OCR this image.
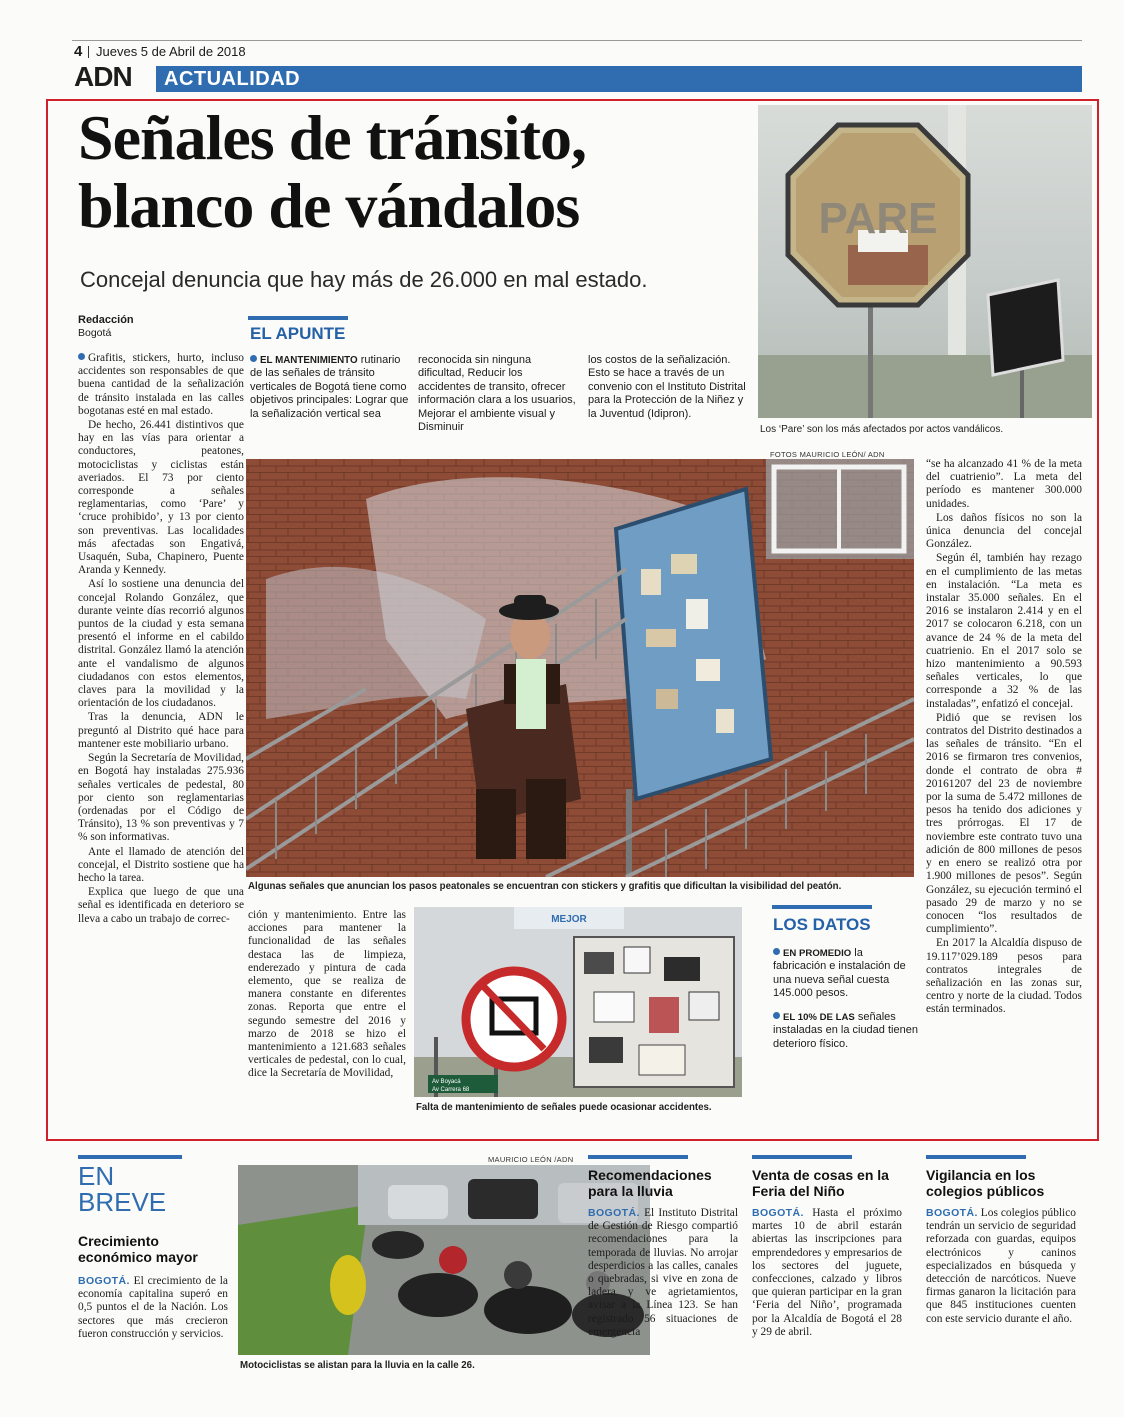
4 Jueves 5 de Abril de 2018
ADN ACTUALIDAD
Señales de tránsito,
blanco de vándalos
Concejal denuncia que hay más de 26.000 en mal estado.
PARE
Los ‘Pare’ son los más afectados por actos vandálicos.
Redacción
Bogotá

Grafitis, stickers, hurto, incluso accidentes son responsables de que buena cantidad de la señalización de tránsito instalada en las calles bogotanas esté en mal estado.

De hecho, 26.441 distintivos que hay en las vías para orientar a conductores, peatones, motociclistas y ciclistas están averiados. El 73 por ciento corresponde a señales reglamentarias, como ‘Pare’ y ‘cruce prohibido’, y 13 por ciento son preventivas. Las localidades más afectadas son Engativá, Usaquén, Suba, Chapinero, Puente Aranda y Kennedy.

Así lo sostiene una denuncia del concejal Rolando González, que durante veinte días recorrió algunos puntos de la ciudad y esta semana presentó el informe en el cabildo distrital. González llamó la atención ante el vandalismo de algunos ciudadanos con estos elementos, claves para la movilidad y la orientación de los ciudadanos.

Tras la denuncia, ADN le preguntó al Distrito qué hace para mantener este mobiliario urbano.

Según la Secretaría de Movilidad, en Bogotá hay instaladas 275.936 señales verticales de pedestal, 80 por ciento son reglamentarias (ordenadas por el Código de Tránsito), 13 % son preventivas y 7 % son informativas.

Ante el llamado de atención del concejal, el Distrito sostiene que ha hecho la tarea.

Explica que luego de que una señal es identificada en deterioro se lleva a cabo un trabajo de correc-

EL APUNTE
EL MANTENIMIENTO rutinario de las señales de tránsito verticales de Bogotá tiene como objetivos principales: Lograr que la señalización vertical sea
reconocida sin ninguna dificultad, Reducir los accidentes de transito, ofrecer información clara a los usuarios, Mejorar el ambiente visual y Disminuir
los costos de la señalización. Esto se hace a través de un convenio con el Instituto Distrital para la Protección de la Niñez y la Juventud (Idipron).
FOTOS MAURICIO LEÓN/ ADN
Algunas señales que anuncian los pasos peatonales se encuentran con stickers y grafitis que dificultan la visibilidad del peatón.

ción y mantenimiento. Entre las acciones para mantener la funcionalidad de las señales destaca las de limpieza, enderezado y pintura de cada elemento, que se realiza de manera constante en diferentes zonas. Reporta que entre el segundo semestre del 2016 y marzo de 2018 se hizo el mantenimiento a 121.683 señales verticales de pedestal, con lo cual, dice la Secretaría de Movilidad,

MEJOR
Av Boyacá
Av Carrera 68
Falta de mantenimiento de señales puede ocasionar accidentes.
LOS DATOS
EN PROMEDIO la fabricación e instalación de una nueva señal cuesta 145.000 pesos.
EL 10% DE LAS señales instaladas en la ciudad tienen deterioro físico.

“se ha alcanzado 41 % de la meta del cuatrienio”. La meta del período es mantener 300.000 unidades.

Los daños físicos no son la única denuncia del concejal González.

Según él, también hay rezago en el cumplimiento de las metas en instalación. “La meta es instalar 35.000 señales. En el 2016 se instalaron 2.414 y en el 2017 se colocaron 6.218, con un avance de 24 % de la meta del cuatrienio. En el 2017 solo se hizo mantenimiento a 90.593 señales verticales, lo que corresponde a 32 % de las instaladas”, enfatizó el concejal.

Pidió que se revisen los contratos del Distrito destinados a las señales de tránsito. “En el 2016 se firmaron tres convenios, donde el contrato de obra # 20161207 del 23 de noviembre por la suma de 5.472 millones de pesos ha tenido dos adiciones y tres prórrogas. El 17 de noviembre este contrato tuvo una adición de 800 millones de pesos y en enero se realizó otra por 1.900 millones de pesos”. Según González, su ejecución terminó el pasado 29 de marzo y no se conocen “los resultados de cumplimiento”.

En 2017 la Alcaldía dispuso de 19.117’029.189 pesos para contratos integrales de señalización en las zonas sur, centro y norte de la ciudad. Todos están terminados.

EN
BREVE
Crecimiento económico mayor
BOGOTÁ. El crecimiento de la economía capitalina superó en 0,5 puntos el de la Nación. Los sectores que más crecieron fueron construcción y servicios.
MAURICIO LEÓN /ADN
Motociclistas se alistan para la lluvia en la calle 26.
Recomendaciones para la lluvia
BOGOTÁ. El Instituto Distrital de Gestión de Riesgo compartió recomendaciones para la temporada de lluvias. No arrojar desperdicios a las calles, canales o quebradas, si vive en zona de ladera y ve agrietamientos, avisar a la Línea 123. Se han registrado 56 situaciones de emergencia
Venta de cosas en la Feria del Niño
BOGOTÁ. Hasta el próximo martes 10 de abril estarán abiertas las inscripciones para emprendedores y empresarios de los sectores del juguete, confecciones, calzado y libros que quieran participar en la gran ‘Feria del Niño’, programada por la Alcaldía de Bogotá el 28 y 29 de abril.
Vigilancia en los colegios públicos
BOGOTÁ. Los colegios público tendrán un servicio de seguridad reforzada con guardas, equipos electrónicos y caninos especializados en búsqueda y detección de narcóticos. Nueve firmas ganaron la licitación para que 845 instituciones cuenten con este servicio durante el año.
